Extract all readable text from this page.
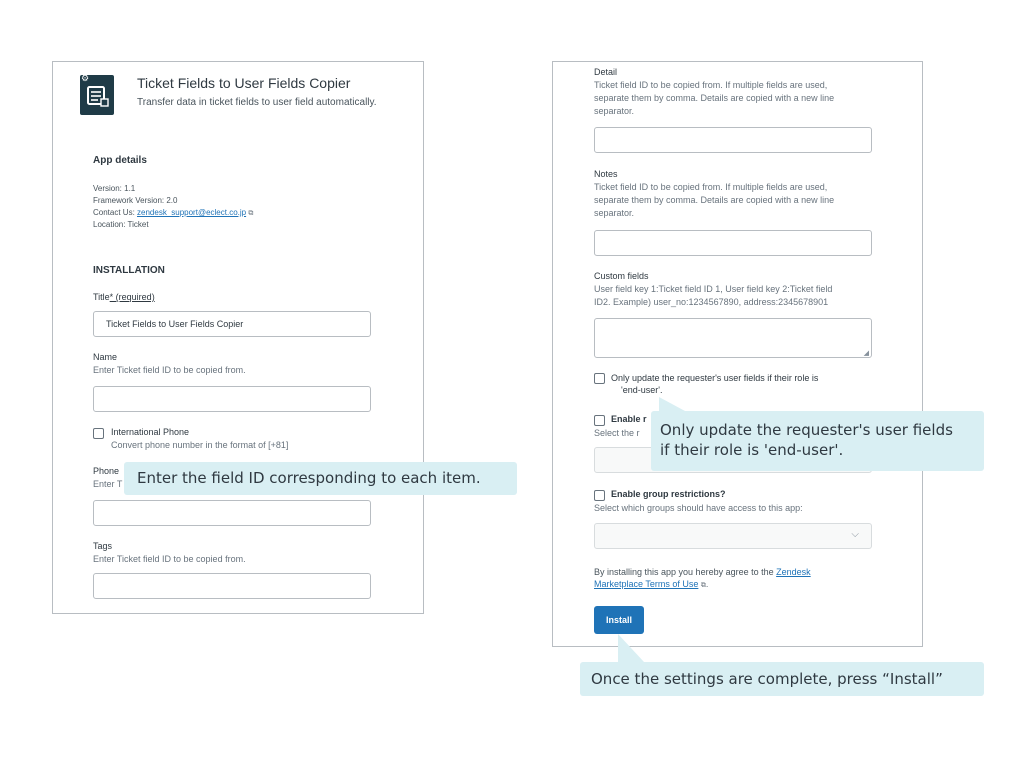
⚙	Ticket Fields to User Fields Copier
Transfer data in ticket fields to user field automatically.
App details
Version: 1.1
Framework Version: 2.0
Contact Us: zendesk_support@eclect.co.jp ⧉
Location: Ticket
INSTALLATION
Title* (required)
Ticket Fields to User Fields Copier
Name
Enter Ticket field ID to be copied from.
International Phone
Convert phone number in the format of [+81]
Phone
Enter T
Tags
Enter Ticket field ID to be copied from.
Detail
Ticket field ID to be copied from. If multiple fields are used,
separate them by comma. Details are copied with a new line
separator.
Notes
Ticket field ID to be copied from. If multiple fields are used,
separate them by comma. Details are copied with a new line
separator.
Custom fields
User field key 1:Ticket field ID 1, User field key 2:Ticket field
ID2. Example) user_no:1234567890, address:2345678901
◢
Only update the requester's user fields if their role is
'end-user'.
Enable r
Select the r
Enable group restrictions?
Select which groups should have access to this app:
⌵
By installing this app you hereby agree to the Zendesk
Marketplace Terms of Use ⧉.
Install
Enter the field ID corresponding to each item.
Only update the requester's user fields
if their role is 'end-user'.
Once the settings are complete, press “Install”
